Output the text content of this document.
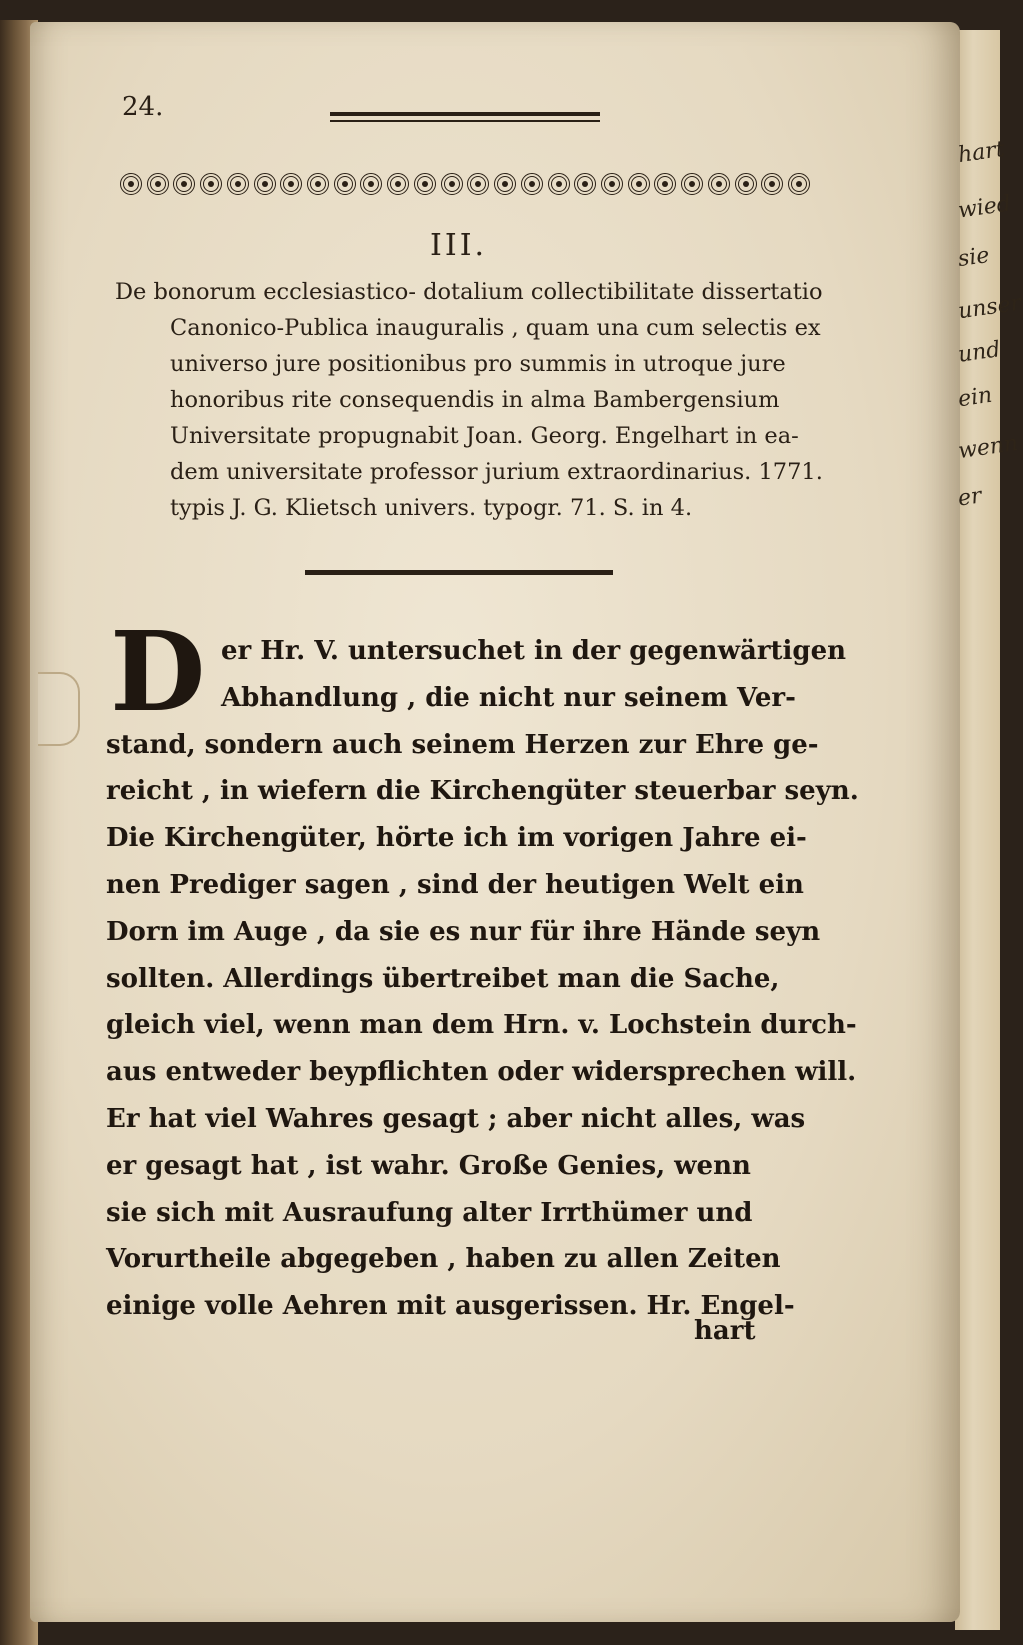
24.
III.
De bonorum ecclesiastico- dotalium collectibilitate dissertatio
Canonico-Publica inauguralis , quam una cum selectis ex
universo jure positionibus pro summis in utroque jure
honoribus rite consequendis in alma Bambergensium
Universitate propugnabit Joan. Georg. Engelhart in ea-
dem universitate professor jurium extraordinarius. 1771.
typis J. G. Klietsch univers. typogr. 71. S. in 4.
D er Hr. V. untersuchet in der gegenwärtigen
Abhandlung , die nicht nur seinem Ver-
stand, sondern auch seinem Herzen zur Ehre ge-
reicht , in wiefern die Kirchengüter steuerbar seyn.
Die Kirchengüter, hörte ich im vorigen Jahre ei-
nen Prediger sagen , sind der heutigen Welt ein
Dorn im Auge , da sie es nur für ihre Hände seyn
sollten. Allerdings übertreibet man die Sache,
gleich viel, wenn man dem Hrn. v. Lochstein durch-
aus entweder beypflichten oder widersprechen will.
Er hat viel Wahres gesagt ; aber nicht alles, was
er gesagt hat , ist wahr. Große Genies, wenn
sie sich mit Ausraufung alter Irrthümer und
Vorurtheile abgegeben , haben zu allen Zeiten
einige volle Aehren mit ausgerissen. Hr. Engel-
hart
hart
wied
sie
unser
und
ein
wenn
er
